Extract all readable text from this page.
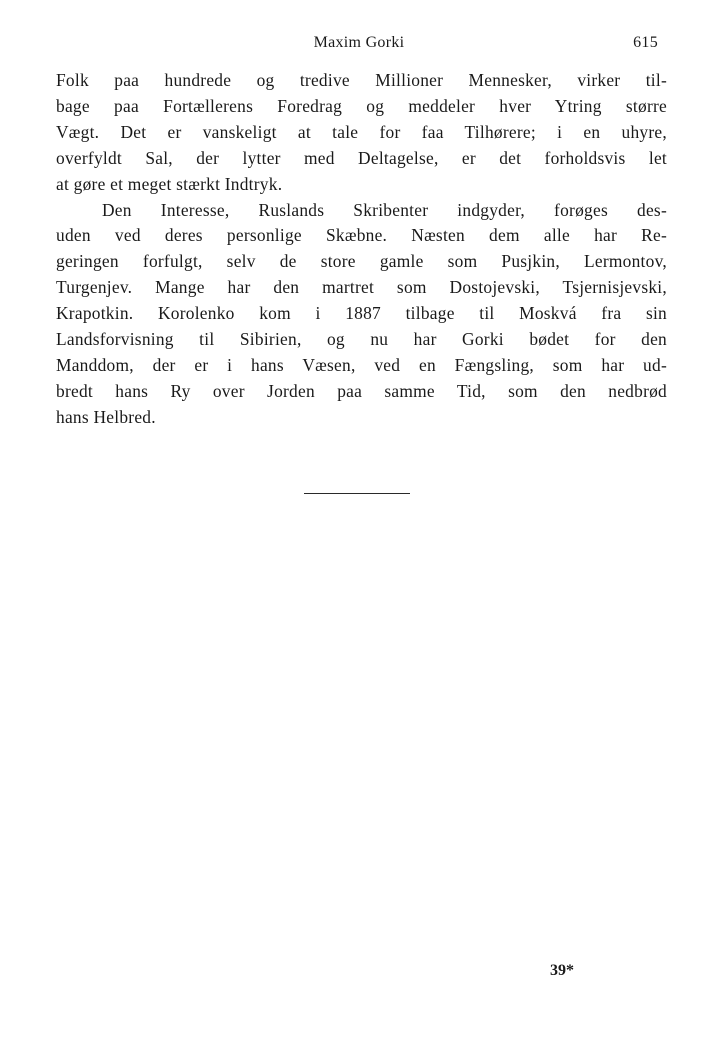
Maxim Gorki	615
Folk paa hundrede og tredive Millioner Mennesker, virker til-
bage paa Fortællerens Foredrag og meddeler hver Ytring større
Vægt. Det er vanskeligt at tale for faa Tilhørere; i en uhyre,
overfyldt Sal, der lytter med Deltagelse, er det forholdsvis let
at gøre et meget stærkt Indtryk.
Den Interesse, Ruslands Skribenter indgyder, forøges des-
uden ved deres personlige Skæbne. Næsten dem alle har Re-
geringen forfulgt, selv de store gamle som Pusjkin, Lermontov,
Turgenjev. Mange har den martret som Dostojevski, Tsjernisjevski,
Krapotkin. Korolenko kom i 1887 tilbage til Moskvá fra sin
Landsforvisning til Sibirien, og nu har Gorki bødet for den
Manddom, der er i hans Væsen, ved en Fængsling, som har ud-
bredt hans Ry over Jorden paa samme Tid, som den nedbrød
hans Helbred.
39*
